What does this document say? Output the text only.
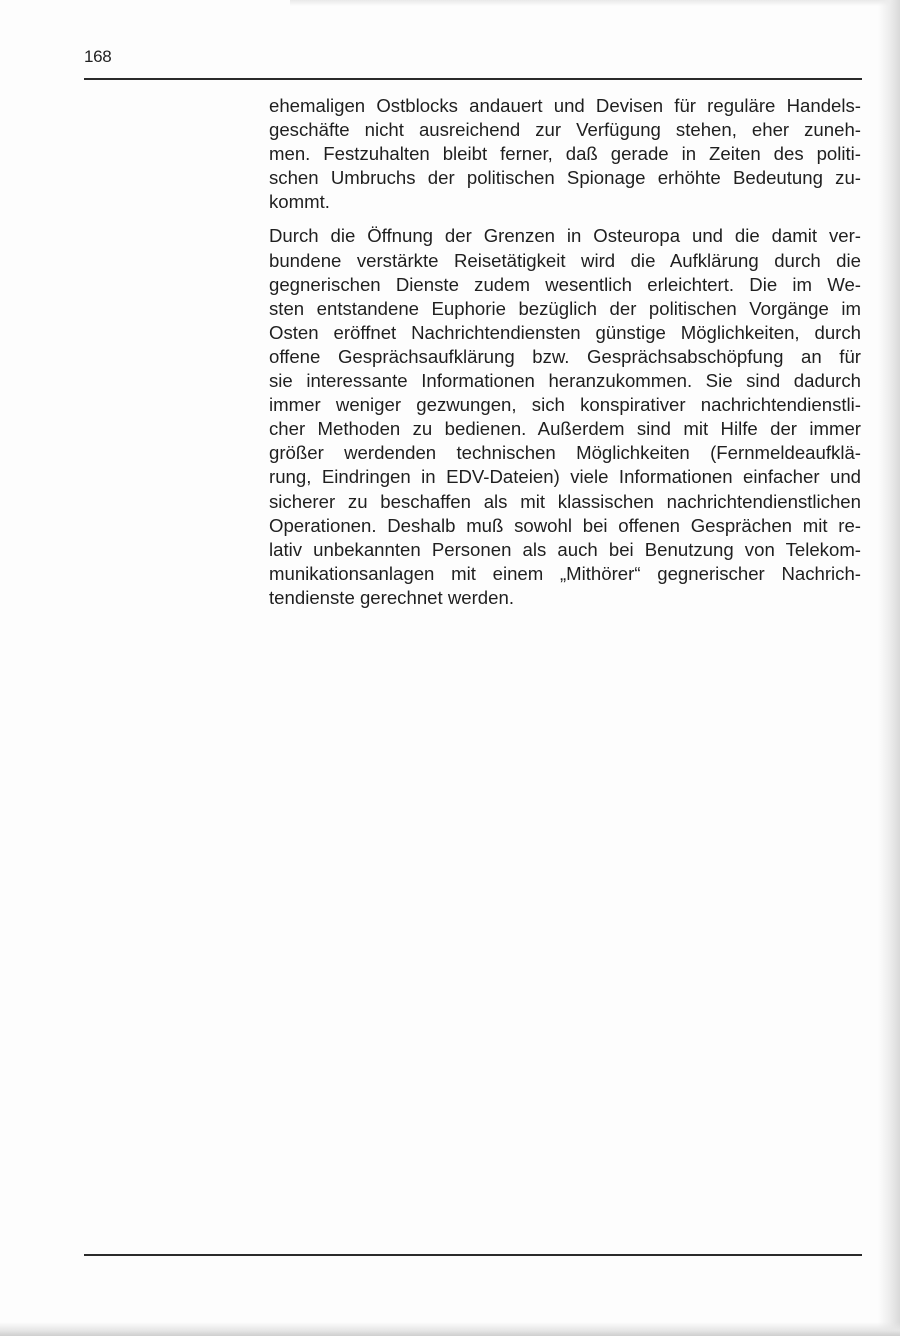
168

ehemaligen Ostblocks andauert und Devisen für reguläre Handels-
geschäfte nicht ausreichend zur Verfügung stehen, eher zuneh-
men. Festzuhalten bleibt ferner, daß gerade in Zeiten des politi-
schen Umbruchs der politischen Spionage erhöhte Bedeutung zu-
kommt.

Durch die Öffnung der Grenzen in Osteuropa und die damit ver-
bundene verstärkte Reisetätigkeit wird die Aufklärung durch die
gegnerischen Dienste zudem wesentlich erleichtert. Die im We-
sten entstandene Euphorie bezüglich der politischen Vorgänge im
Osten eröffnet Nachrichtendiensten günstige Möglichkeiten, durch
offene Gesprächsaufklärung bzw. Gesprächsabschöpfung an für
sie interessante Informationen heranzukommen. Sie sind dadurch
immer weniger gezwungen, sich konspirativer nachrichtendienstli-
cher Methoden zu bedienen. Außerdem sind mit Hilfe der immer
größer werdenden technischen Möglichkeiten (Fernmeldeaufklä-
rung, Eindringen in EDV-Dateien) viele Informationen einfacher und
sicherer zu beschaffen als mit klassischen nachrichtendienstlichen
Operationen. Deshalb muß sowohl bei offenen Gesprächen mit re-
lativ unbekannten Personen als auch bei Benutzung von Telekom-
munikationsanlagen mit einem „Mithörer“ gegnerischer Nachrich-
tendienste gerechnet werden.
